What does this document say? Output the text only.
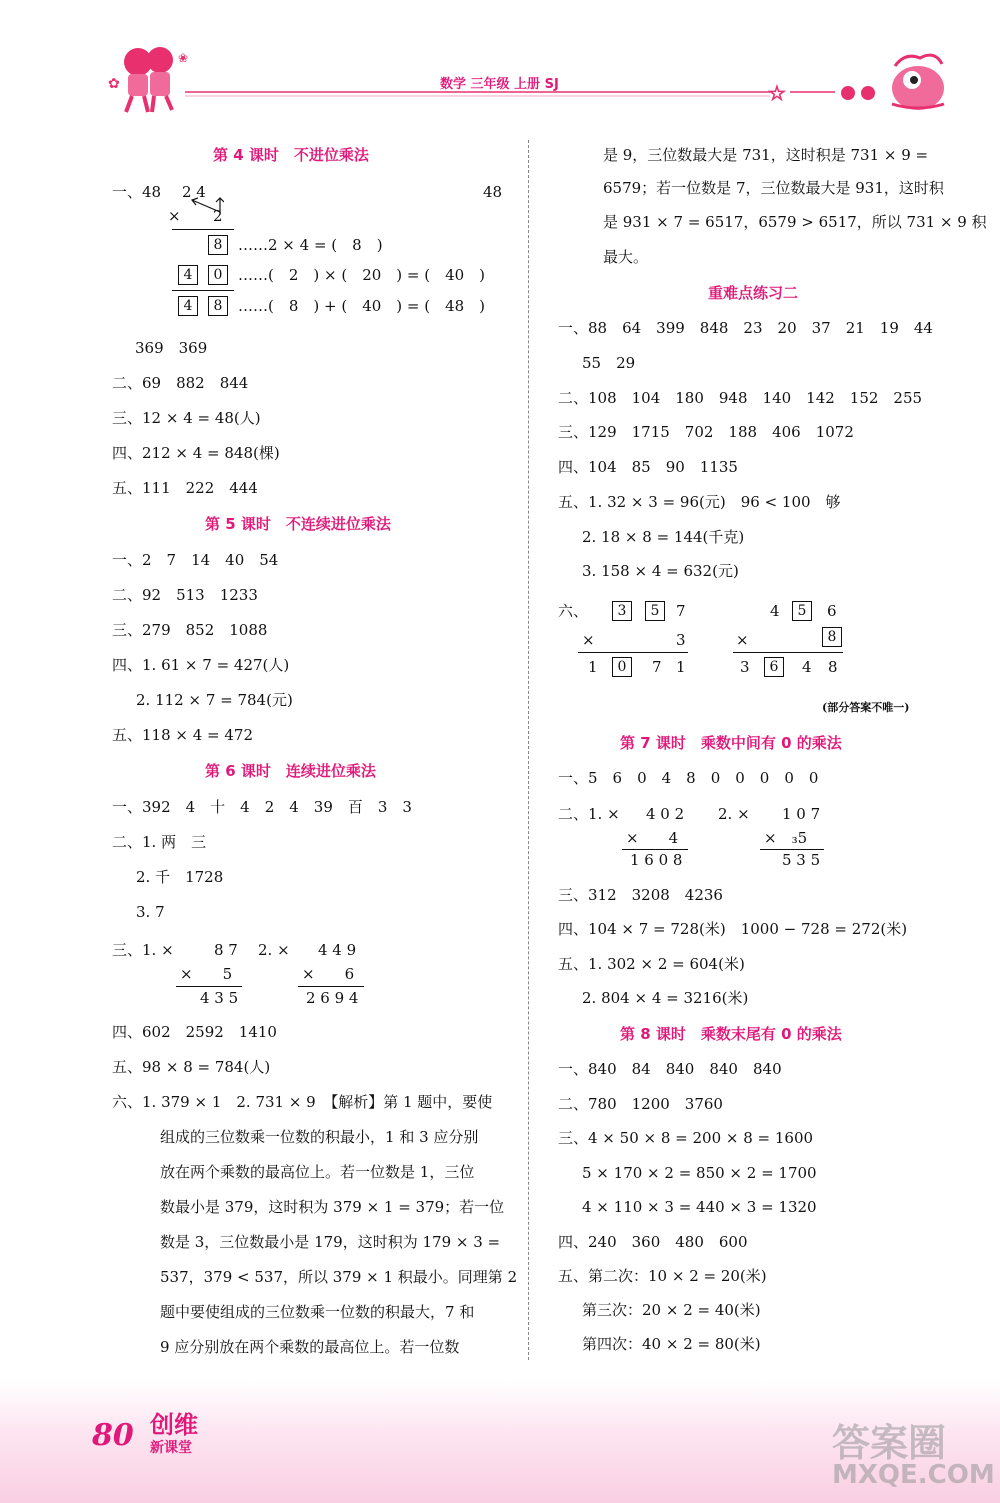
✿
❀
☆
数学 三年级 上册 SJ
第 4 课时　不进位乘法
一、48	48
2 4
× 2
8	……2 × 4 = (　8　)
4	0	……(　2　) × (　20　) = (　40　)
4	8	……(　8　) + (　40　) = (　48　)
369　369
二、69　882　844
三、12 × 4 = 48(人)
四、212 × 4 = 848(棵)
五、111　222　444
第 5 课时　不连续进位乘法
一、2　7　14　40　54
二、92　513　1233
三、279　852　1088
四、1. 61 × 7 = 427(人)
2. 112 × 7 = 784(元)
五、118 × 4 = 472
第 6 课时　连续进位乘法
一、392　4　十　4　2　4　39　百　3　3
二、1. 两　三
2. 千　1728
3. 7
三、1. ×	8 7
×　　5
4 3 5
2. × 4 4 9
×　　6
2 6 9 4
四、602　2592　1410
五、98 × 8 = 784(人)
六、1. 379 × 1　2. 731 × 9　【解析】第 1 题中，要使
组成的三位数乘一位数的积最小，1 和 3 应分别
放在两个乘数的最高位上。若一位数是 1，三位
数最小是 379，这时积为 379 × 1 = 379；若一位
数是 3，三位数最小是 179，这时积为 179 × 3 =
537，379 < 537，所以 379 × 1 积最小。同理第 2
题中要使组成的三位数乘一位数的积最大，7 和
9 应分别放在两个乘数的最高位上。若一位数
是 9，三位数最大是 731，这时积是 731 × 9 =
6579；若一位数是 7，三位数最大是 931，这时积
是 931 × 7 = 6517，6579 > 6517，所以 731 × 9 积
最大。
重难点练习二
一、88　64　399　848　23　20　37　21　19　44
55　29
二、108　104　180　948　140　142　152　255
三、129　1715　702　188　406　1072
四、104　85　90　1135
五、1. 32 × 3 = 96(元)　96 < 100　够
2. 18 × 8 = 144(千克)
3. 158 × 4 = 632(元)
六、	3	5	7
×	3
1	0	7 1
4	5	6
×	8
3	6	4 8
(部分答案不唯一)
第 7 课时　乘数中间有 0 的乘法
一、5　6　0　4　8　0　0　0　0　0
二、1. × 4 0 2
×　　4
1 6 0 8
2. × 1 0 7
×　₃5
5 3 5
三、312　3208　4236
四、104 × 7 = 728(米)　1000 − 728 = 272(米)
五、1. 302 × 2 = 604(米)
2. 804 × 4 = 3216(米)
第 8 课时　乘数末尾有 0 的乘法
一、840　84　840　840　840
二、780　1200　3760
三、4 × 50 × 8 = 200 × 8 = 1600
5 × 170 × 2 = 850 × 2 = 1700
4 × 110 × 3 = 440 × 3 = 1320
四、240　360　480　600
五、第二次：10 × 2 = 20(米)
第三次：20 × 2 = 40(米)
第四次：40 × 2 = 80(米)
80 创维
新课堂	答案圈
MXQE.COM
